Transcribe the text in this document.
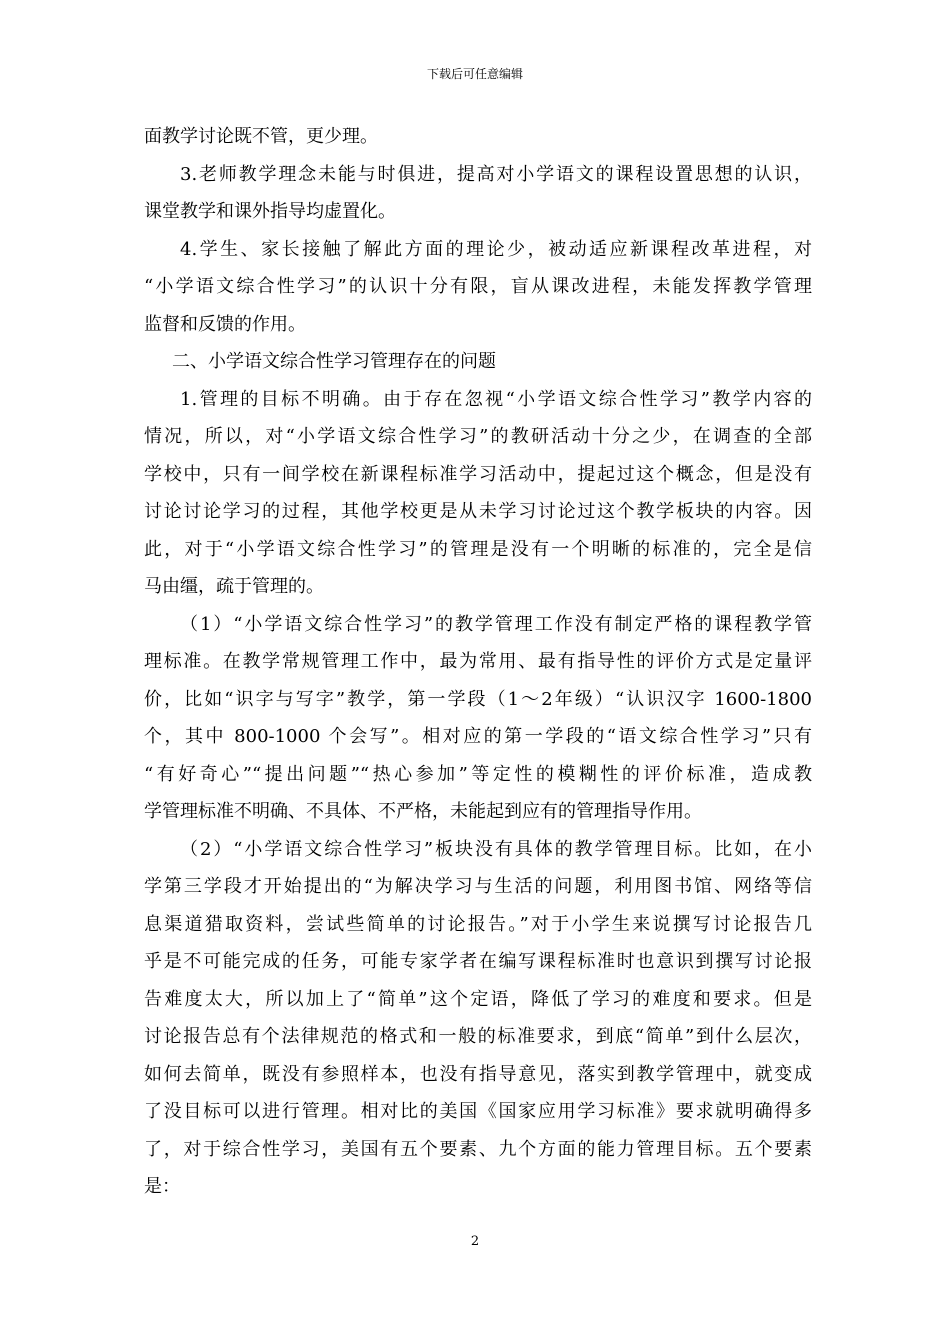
下载后可任意编辑
面教学讨论既不管，更少理。
3.老师教学理念未能与时俱进，提高对小学语文的课程设置思想的认识，
课堂教学和课外指导均虚置化。
4.学生、家长接触了解此方面的理论少，被动适应新课程改革进程，对
“小学语文综合性学习”的认识十分有限，盲从课改进程，未能发挥教学管理
监督和反馈的作用。
二、小学语文综合性学习管理存在的问题
1.管理的目标不明确。由于存在忽视“小学语文综合性学习”教学内容的
情况，所以，对“小学语文综合性学习”的教研活动十分之少，在调查的全部
学校中，只有一间学校在新课程标准学习活动中，提起过这个概念，但是没有
讨论讨论学习的过程，其他学校更是从未学习讨论过这个教学板块的内容。因
此，对于“小学语文综合性学习”的管理是没有一个明晰的标准的，完全是信
马由缰，疏于管理的。
（1）“小学语文综合性学习”的教学管理工作没有制定严格的课程教学管
理标准。在教学常规管理工作中，最为常用、最有指导性的评价方式是定量评
价，比如“识字与写字”教学，第一学段（1～2年级）“认识汉字 1600-1800
个，其中 800-1000 个会写”。相对应的第一学段的“语文综合性学习”只有
“有好奇心”“提出问题”“热心参加”等定性的模糊性的评价标准，造成教
学管理标准不明确、不具体、不严格，未能起到应有的管理指导作用。
（2）“小学语文综合性学习”板块没有具体的教学管理目标。比如，在小
学第三学段才开始提出的“为解决学习与生活的问题，利用图书馆、网络等信
息渠道猎取资料，尝试些简单的讨论报告。”对于小学生来说撰写讨论报告几
乎是不可能完成的任务，可能专家学者在编写课程标准时也意识到撰写讨论报
告难度太大，所以加上了“简单”这个定语，降低了学习的难度和要求。但是
讨论报告总有个法律规范的格式和一般的标准要求，到底“简单”到什么层次，
如何去简单，既没有参照样本，也没有指导意见，落实到教学管理中，就变成
了没目标可以进行管理。相对比的美国《国家应用学习标准》要求就明确得多
了，对于综合性学习，美国有五个要素、九个方面的能力管理目标。五个要素
是：
2
